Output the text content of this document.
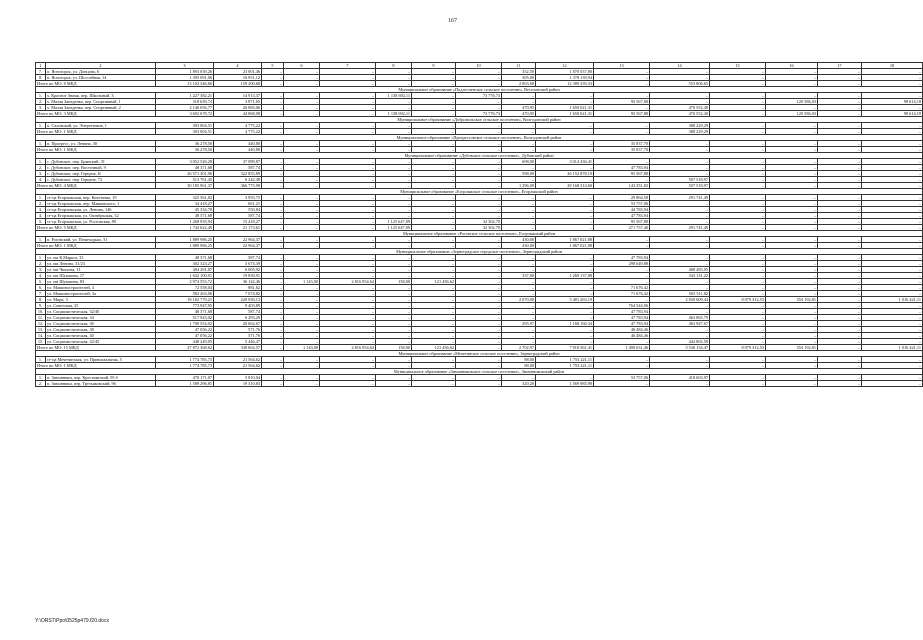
167
1	2	3	4	5	6	7	8	9	10	11	12	13	14	15	16	17	18
7.	п. Ясногорск, ул. Донцова, 6	1 893 039,26	23 001,46	–	–	–	–	–	–	352,50	1 870 037,80	–	–	–	–	–	–
8.	п. Ясногорск, ул. Шоссейная, 14	1 395 091,06	16 951,12	–	–	–	–	–	–	305,00	1 378 139,94	–	–	–	–	–	–
Итого по МО: 8 МКД		13 102 346,66	159 200,68	–	–	–	–	–	–	2 803,68	12 389 339,33	–	553 806,65	–	–	–	–
Муниципальное образование «Подлесненское сельское поселение», Веселовский район																	
1.	х. Красное Знамя, пер. Школьный, 3	1 227 382,21	14 913,37	–	–	–	1 138 692,11	–	73 776,73	–	–	–	–	–	–	–	–
2.	х. Малая Западенка, пер. Спортивный, 1	318 639,74	3 871,65	–	–	–	–	–	–	–	–	95 567,88	–	–	120 586,03	–	98 614,18
3.	х. Малая Западенка, пер. Спортивный, 2	2 146 656,77	26 083,06	–	–	–	–	–	–	470,95	1 650 021,31	–	470 552,40	–	–	–	–
Итого по МО: 3 МКД		3 692 678,72	44 868,08	–	–	–	1 138 692,11	–	73 776,73	470,95	1 650 021,31	95 567,88	470 552,40	–	120 586,03	–	98 614,18
Муниципальное образование «Добровольское сельское поселение», Волгодонской район																	
1.	п. Саловский, ул. Энергетиков, 1	393 004,51	4 775,22	–	–	–	–	–	–	–	–	–	388 229,29	–	–	–	–
Итого по МО: 1 МКД		393 004,51	4 775,22	–	–	–	–	–	–	–	–	–	388 229,29	–	–	–	–
Муниципальное образование «Прогрессовское сельское поселение», Волгодонской район																	
1.	п. Прогресс, ул. Ленина, 30	36 278,50	440,80	–	–	–	–	–	–	–	–	35 837,70	–	–	–	–	–
Итого по МО: 1 МКД		36 278,50	440,80	–	–	–	–	–	–	–	–	35 837,70	–	–	–	–	–
Муниципальное образование «Дубовское сельское поселение», Дубовский район																	
1.	с. Дубовское, пер. Брянский, 31	3 052 526,28	37 089,87	–	–	–	–	–	–	698,00	3 014 436,41	–	–	–	–	–	–
2.	с. Дубовское, пер. Восточный, 9	48 371,68	587,74	–	–	–	–	–	–	–	–	47 783,94	–	–	–	–	–
3.	с. Дубовское, пер. Герцена, 6/	26 571 301,96	322 855,89	–	–	–	–	–	–	598,00	26 152 878,19	95 567,88	–	–	–	–	–
4.	с. Дубовское, пер. Герцена, 73	513 761,45	6 242,48	–	–	–	–	–	–	–	–	–	507 518,97	–	–	–	–
Итого по МО: 4 МКД		30 185 961,37	366 775,98	–	–	–	–	–	–	1 296,00	29 168 314,60	143 351,82	507 518,97	–	–	–	–
Муниципальное образование «Егорлыкское сельское поселение», Егорлыкский район																	
1.	ст-ца Егорлыкская, пер. Кочеткова, 19	325 561,82	3 955,75	–	–	–	–	–	–	–	–	29 864,58	291 741,49	–	–	–	–
2.	ст-ца Егорлыкская, пер. Маяковского, 1	34 418,27	661,21	–	–	–	–	–	–	–	–	53 757,06	–	–	–	–	–
3.	ст-ца Егорлыкская, ул. Ленина, 146	45 334,78	550,84	–	–	–	–	–	–	–	–	44 783,94	–	–	–	–	–
4.	ст-ца Егорлыкская, ул. Октябрьская, 32	48 371,68	587,74	–	–	–	–	–	–	–	–	47 783,94	–	–	–	–	–
5.	ст-ца Егорлыкская, ул. Ростовская, 89	1 268 935,94	15 418,27	–	–	–	1 125 647,09	–	32 302,70	–	–	95 567,88	–	–	–	–	–
Итого по МО: 5 МКД		1 742 622,49	21 173,61	–	–	–	1 125 647,09	–	32 302,70	–	–	271 757,40	291 741,49	–	–	–	–
Муниципальное образование «Роговское сельское поселение», Егорлыкский район																	
1.	п. Роговский, ул. Пешеходько, 31	1 889 986,25	22 964,37	–	–	–	–	–	–	430,00	1 867 021,88	–	–	–	–	–	–
Итого по МО: 1 МКД		1 889 986,25	22 964,37	–	–	–	–	–	–	430,00	1 867 021,88	–	–	–	–	–	–
Муниципальное образование «Зерноградское городское поселение», Зерноградский район																	
1.	ул. им К.Маркса, 33	48 371,68	587,74	–	–	–	–	–	–	–	–	47 783,94	–	–	–	–	–
2.	ул. им Ленина, 31/23	302 323,27	3 673,39	–	–	–	–	–	–	–	–	298 649,88	–	–	–	–	–
3.	ул. им Чкалова, 11	494 291,87	6 005,92	–	–	–	–	–	–	–	–	–	488 285,95	–	–	–	–
4.	ул. им Шукшина, 17	1 632 100,01	19 830,91	–	–	–	–	–	–	337,00	1 269 137,88	–	343 131,22	–	–	–	–
5.	ул. им Шукшина, 83	2 974 553,72	36 142,46	–	1 143,00	2 816 954,64	158,00	121 456,62	–	–	–	–	–	–	–	–	–
6.	ул. Машиностроителей, 3	72 558,04	881,62	–	–	–	–	–	–	–	–	71 676,42	–	–	–	–	–
7.	ул. Машиностроителей, 3а	582 263,06	7 074,82	–	–	–	–	–	–	–	–	71 676,42	503 511,82	–	–	–	–
8.	ул. Мира, 3	18 182 779,21	220 930,13	–	–	–	–	–	–	2 070,00	5 481 263,19	–	2 830 609,44	8 079 312,53	554 192,81	–	1 016 421,11
9.	ул. Советская, 25	773 947,95	9 403,89	–	–	–	–	–	–	–	–	764 544,06	–	–	–	–	–
10.	ул. Социалистическая, 32/40	48 371,68	587,74	–	–	–	–	–	–	–	–	47 783,94	–	–	–	–	–
11.	ул. Социалистическая, 34	517 943,02	6 293,29	–	–	–	–	–	–	–	–	47 783,94	463 865,79	–	–	–	–
12.	ул. Социалистическая, 36	1 700 554,02	20 662,67	–	–	–	–	–	–	295,97	1 168 160,34	47 783,94	463 947,67	–	–	–	–
13.	ул. Социалистическая, 38	47 056,22	571,76	–	–	–	–	–	–	–	–	46 484,46	–	–	–	–	–
14.	ул. Социалистическая, 40	47 056,22	571,76	–	–	–	–	–	–	–	–	46 484,46	–	–	–	–	–
15.	ул. Социалистическая, 42/45	448 249,05	5 446,47	–	–	–	–	–	–	–	–	–	442 802,58	–	–	–	–
Итого по МО: 15 МКД		27 872 368,62	338 664,57	–	1 143,00	2 816 954,64	158,00	121 456,62	–	2 702,97	7 918 561,41	1 490 631,46	5 536 154,47	8 079 312,53	554 192,81	–	1 016 421,11
Муниципальное образование «Мечетинское сельское поселение», Зерноградский район																	
1.	ст-ца Мечетинская, ул. Привокзальная, 5	1 774 785,73	21 564,62	–	–	–	–	–	–	88,00	1 753 221,11	–	–	–	–	–	–
Итого по МО: 1 МКД		1 774 785,73	21 564,62	–	–	–	–	–	–	88,00	1 753 221,11	–	–	–	–	–	–
Муниципальное образование «Зимовниковское сельское поселение», Зимовниковский район																	
1.	п. Зимовники, пер. Крестьянский, 95 б	478 171,07	5 810,04	–	–	–	–	–	–	–	–	53 757,06	418 603,97	–	–	–	–
2.	п. Зимовники, пер. Третьяковский, 96	1 589 296,81	19 310,83	–	–	–	–	–	–	320,20	1 569 985,98	–	–	–	–	–	–
Y:\ORST\Ppo\0525p479.f20.docx
